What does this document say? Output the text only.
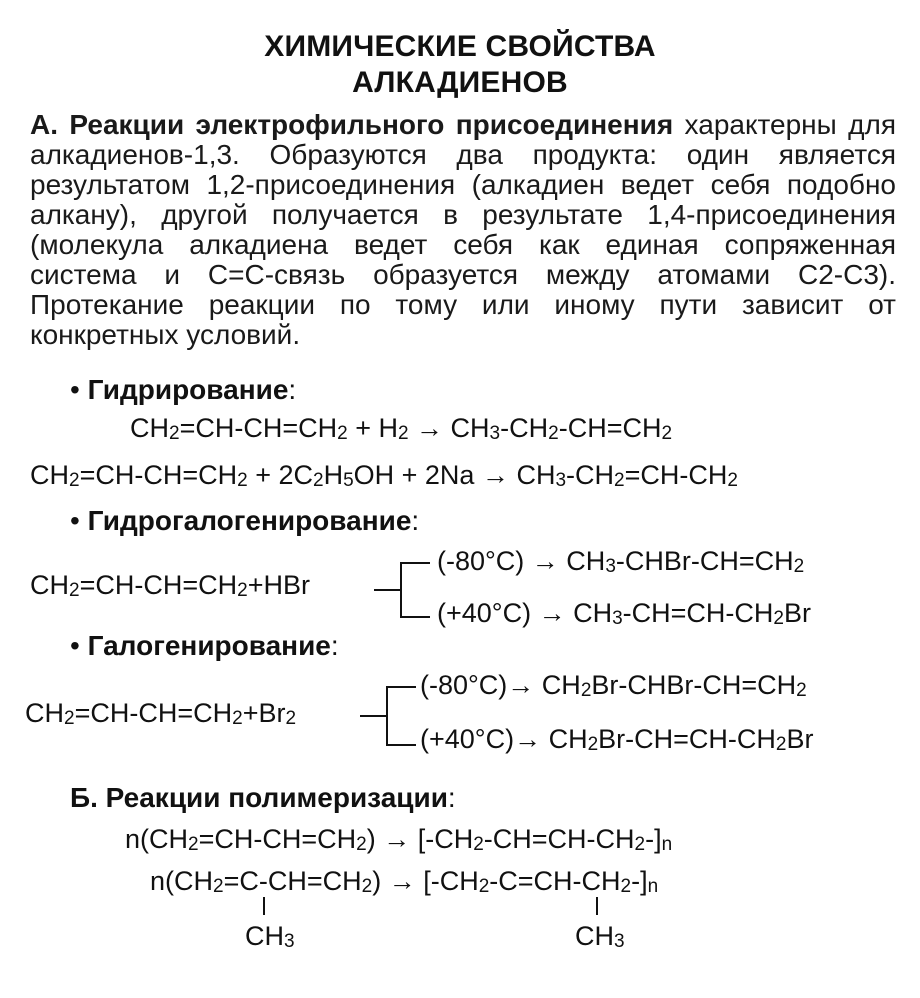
ХИМИЧЕСКИЕ СВОЙСТВА
АЛКАДИЕНОВ
А. Реакции электрофильного присоединения характерны для алкадиенов-1,3. Образуются два продукта: один является результатом 1,2-присоединения (алкадиен ведет себя подобно алкану), другой получается в результате 1,4-присоединения (молекула алкадиена ведет себя как единая сопряженная система и C=C-связь образуется между атомами C2-C3). Протекание реакции по тому или иному пути зависит от конкретных условий.
• Гидрирование:
$CH_2=CH-CH=CH_2 + H_2 \to CH_3-CH_2-CH=CH_2$
$CH_2=CH-CH=CH_2 + 2C_2H_5OH + 2Na \to CH_3-CH_2=CH-CH_2$
• Гидрогалогенирование:
$CH_2=CH-CH=CH_2+HBr$
$(-80^\circ C) \to CH_3-CHBr-CH=CH_2$
$(+40^\circ C) \to CH_3-CH=CH-CH_2Br$
• Галогенирование:
$CH_2=CH-CH=CH_2+Br_2$
$(-80^\circ C)\to CH_2Br-CHBr-CH=CH_2$
$(+40^\circ C)\to CH_2Br-CH=CH-CH_2Br$
Б. Реакции полимеризации:
$n(CH_2=CH-CH=CH_2) \to [-CH_2-CH=CH-CH_2-]_n$
$n(CH_2=C-CH=CH_2) \to [-CH_2-C=CH-CH_2-]_n$
$CH_3$	$CH_3$
